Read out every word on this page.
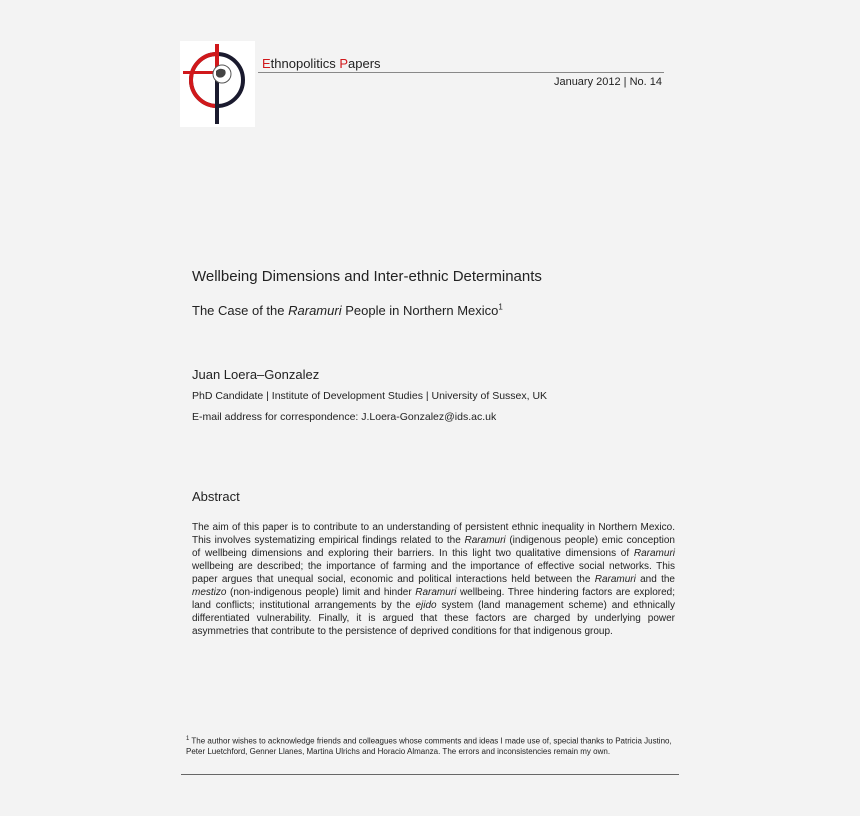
Ethnopolitics Papers
January 2012 | No. 14
Wellbeing Dimensions and Inter-ethnic Determinants
The Case of the Raramuri People in Northern Mexico$^1$
Juan Loera–Gonzalez
PhD Candidate | Institute of Development Studies | University of Sussex, UK
E-mail address for correspondence: J.Loera-Gonzalez@ids.ac.uk
Abstract
The aim of this paper is to contribute to an understanding of persistent ethnic inequality in Northern Mexico. This involves systematizing empirical findings related to the Raramuri (indigenous people) emic conception of wellbeing dimensions and exploring their barriers. In this light two qualitative dimensions of Raramuri wellbeing are described; the importance of farming and the importance of effective social networks. This paper argues that unequal social, economic and political interactions held between the Raramuri and the mestizo (non-indigenous people) limit and hinder Raramuri wellbeing. Three hindering factors are explored; land conflicts; institutional arrangements by the ejido system (land management scheme) and ethnically differentiated vulnerability. Finally, it is argued that these factors are charged by underlying power asymmetries that contribute to the persistence of deprived conditions for that indigenous group.
$^1$ The author wishes to acknowledge friends and colleagues whose comments and ideas I made use of, special thanks to Patricia Justino, Peter Luetchford, Genner Llanes, Martina Ulrichs and Horacio Almanza. The errors and inconsistencies remain my own.
